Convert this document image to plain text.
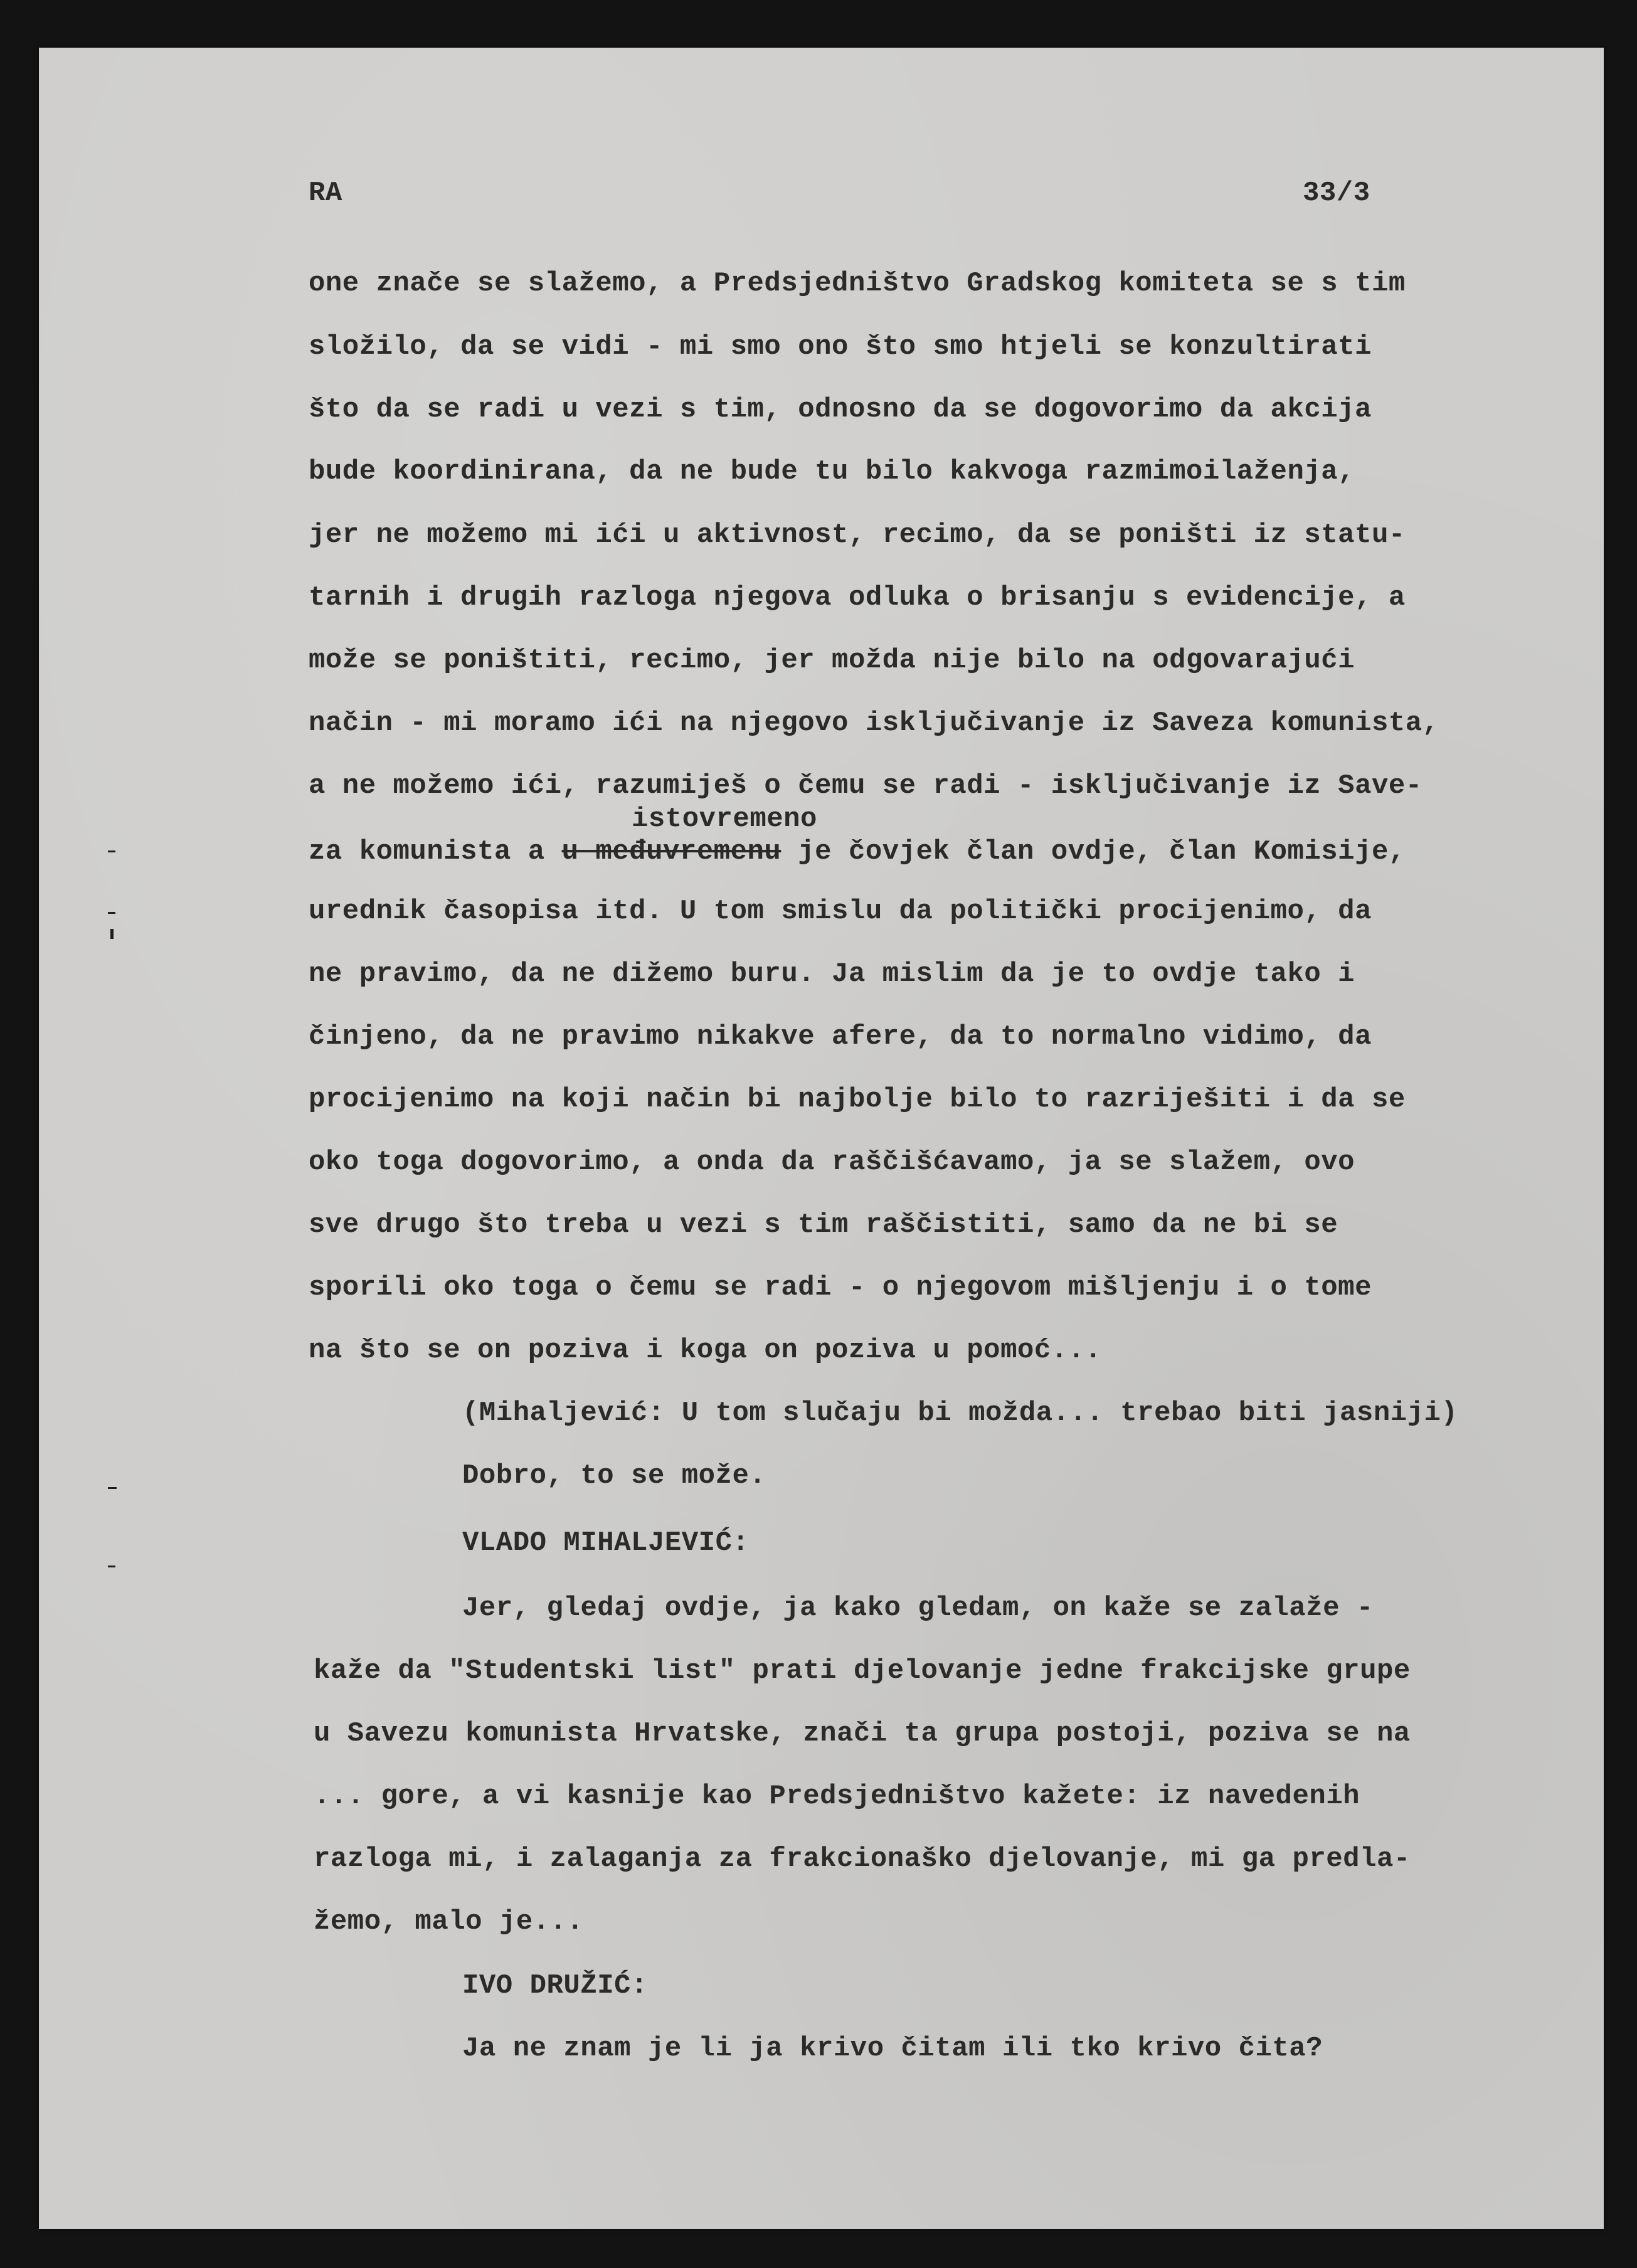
RA	33/3
one znače se slažemo, a Predsjedništvo Gradskog komiteta se s tim
složilo, da se vidi - mi smo ono što smo htjeli se konzultirati
što da se radi u vezi s tim, odnosno da se dogovorimo da akcija
bude koordinirana, da ne bude tu bilo kakvoga razmimoilaženja,
jer ne možemo mi ići u aktivnost, recimo, da se poništi iz statu-
tarnih i drugih razloga njegova odluka o brisanju s evidencije, a
može se poništiti, recimo, jer možda nije bilo na odgovarajući
način - mi moramo ići na njegovo isključivanje iz Saveza komunista,
a ne možemo ići, razumiješ o čemu se radi - isključivanje iz Save-
istovremeno
za komunista a u međuvremenu je čovjek član ovdje, član Komisije,
urednik časopisa itd. U tom smislu da politički procijenimo, da
ne pravimo, da ne dižemo buru. Ja mislim da je to ovdje tako i
činjeno, da ne pravimo nikakve afere, da to normalno vidimo, da
procijenimo na koji način bi najbolje bilo to razriješiti i da se
oko toga dogovorimo, a onda da raščišćavamo, ja se slažem, ovo
sve drugo što treba u vezi s tim raščistiti, samo da ne bi se
sporili oko toga o čemu se radi - o njegovom mišljenju i o tome
na što se on poziva i koga on poziva u pomoć...
(Mihaljević: U tom slučaju bi možda... trebao biti jasniji)
Dobro, to se može.
VLADO MIHALJEVIĆ:
Jer, gledaj ovdje, ja kako gledam, on kaže se zalaže -
kaže da "Studentski list" prati djelovanje jedne frakcijske grupe
u Savezu komunista Hrvatske, znači ta grupa postoji, poziva se na
... gore, a vi kasnije kao Predsjedništvo kažete: iz navedenih
razloga mi, i zalaganja za frakcionaško djelovanje, mi ga predla-
žemo, malo je...
IVO DRUŽIĆ:
Ja ne znam je li ja krivo čitam ili tko krivo čita?
